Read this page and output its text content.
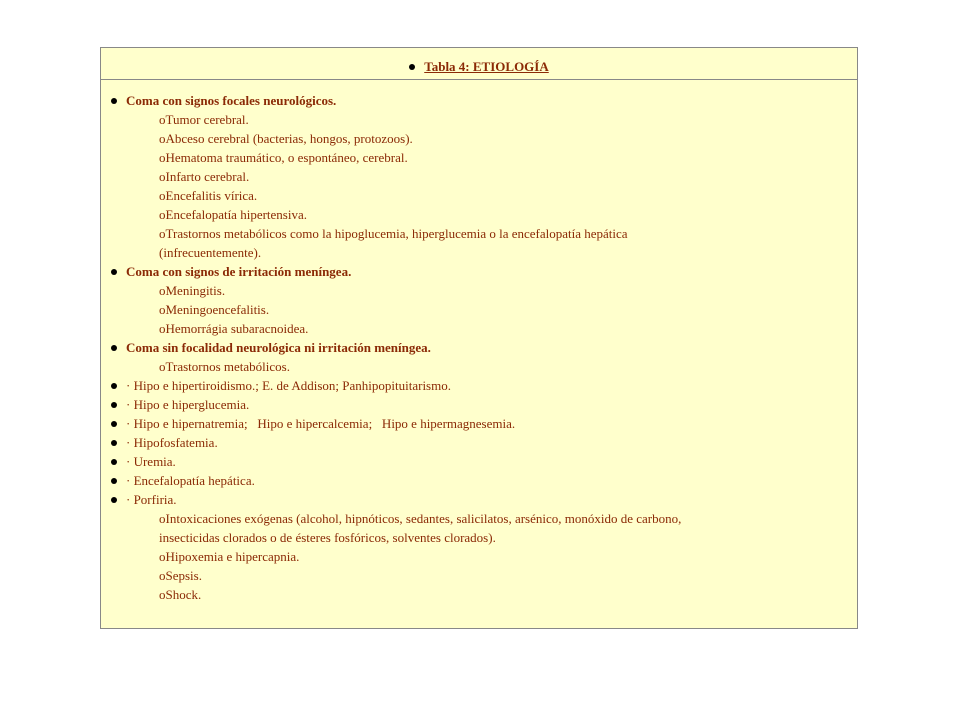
Tabla 4: ETIOLOGÍA
Coma con signos focales neurológicos.
oTumor cerebral.
oAbceso cerebral (bacterias, hongos, protozoos).
oHematoma traumático, o espontáneo, cerebral.
oInfarto cerebral.
oEncefalitis vírica.
oEncefalopatía hipertensiva.
oTrastornos metabólicos como la hipoglucemia, hiperglucemia o la encefalopatía hepática
(infrecuentemente).
Coma con signos de irritación meníngea.
oMeningitis.
oMeningoencefalitis.
oHemorrágia subaracnoidea.
Coma sin focalidad neurológica ni irritación meníngea.
oTrastornos metabólicos.
· Hipo e hipertiroidismo.; E. de Addison; Panhipopituitarismo.
· Hipo e hiperglucemia.
· Hipo e hipernatremia;   Hipo e hipercalcemia;   Hipo e hipermagnesemia.
· Hipofosfatemia.
· Uremia.
· Encefalopatía hepática.
· Porfiria.
oIntoxicaciones exógenas (alcohol, hipnóticos, sedantes, salicilatos, arsénico, monóxido de carbono,
insecticidas clorados o de ésteres fosfóricos, solventes clorados).
oHipoxemia e hipercapnia.
oSepsis.
oShock.
